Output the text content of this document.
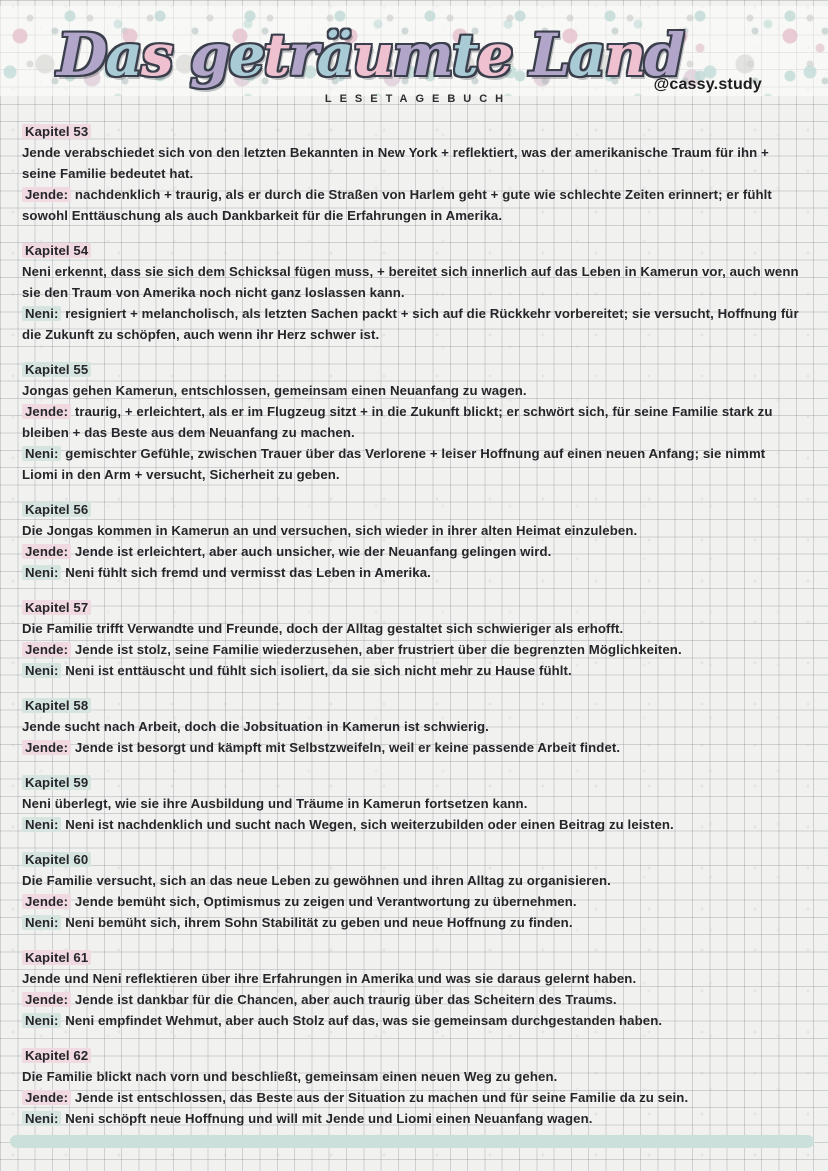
Das geträumte Land
@cassy.study
LESETAGEBUCH
Kapitel 53

Jende verabschiedet sich von den letzten Bekannten in New York + reflektiert, was der amerikanische Traum für ihn + seine Familie bedeutet hat.

Jende: nachdenklich + traurig, als er durch die Straßen von Harlem geht + gute wie schlechte Zeiten erinnert; er fühlt sowohl Enttäuschung als auch Dankbarkeit für die Erfahrungen in Amerika.

Kapitel 54

Neni erkennt, dass sie sich dem Schicksal fügen muss, + bereitet sich innerlich auf das Leben in Kamerun vor, auch wenn sie den Traum von Amerika noch nicht ganz loslassen kann.

Neni: resigniert + melancholisch, als letzten Sachen packt + sich auf die Rückkehr vorbereitet; sie versucht, Hoffnung für die Zukunft zu schöpfen, auch wenn ihr Herz schwer ist.

Kapitel 55

Jongas gehen Kamerun, entschlossen, gemeinsam einen Neuanfang zu wagen.

Jende: traurig, + erleichtert, als er im Flugzeug sitzt + in die Zukunft blickt; er schwört sich, für seine Familie stark zu bleiben + das Beste aus dem Neuanfang zu machen.

Neni: gemischter Gefühle, zwischen Trauer über das Verlorene + leiser Hoffnung auf einen neuen Anfang; sie nimmt Liomi in den Arm + versucht, Sicherheit zu geben.

Kapitel 56

Die Jongas kommen in Kamerun an und versuchen, sich wieder in ihrer alten Heimat einzuleben.

Jende: Jende ist erleichtert, aber auch unsicher, wie der Neuanfang gelingen wird.

Neni: Neni fühlt sich fremd und vermisst das Leben in Amerika.

Kapitel 57

Die Familie trifft Verwandte und Freunde, doch der Alltag gestaltet sich schwieriger als erhofft.

Jende: Jende ist stolz, seine Familie wiederzusehen, aber frustriert über die begrenzten Möglichkeiten.

Neni: Neni ist enttäuscht und fühlt sich isoliert, da sie sich nicht mehr zu Hause fühlt.

Kapitel 58

Jende sucht nach Arbeit, doch die Jobsituation in Kamerun ist schwierig.

Jende: Jende ist besorgt und kämpft mit Selbstzweifeln, weil er keine passende Arbeit findet.

Kapitel 59

Neni überlegt, wie sie ihre Ausbildung und Träume in Kamerun fortsetzen kann.

Neni: Neni ist nachdenklich und sucht nach Wegen, sich weiterzubilden oder einen Beitrag zu leisten.

Kapitel 60

Die Familie versucht, sich an das neue Leben zu gewöhnen und ihren Alltag zu organisieren.

Jende: Jende bemüht sich, Optimismus zu zeigen und Verantwortung zu übernehmen.

Neni: Neni bemüht sich, ihrem Sohn Stabilität zu geben und neue Hoffnung zu finden.

Kapitel 61

Jende und Neni reflektieren über ihre Erfahrungen in Amerika und was sie daraus gelernt haben.

Jende: Jende ist dankbar für die Chancen, aber auch traurig über das Scheitern des Traums.

Neni: Neni empfindet Wehmut, aber auch Stolz auf das, was sie gemeinsam durchgestanden haben.

Kapitel 62

Die Familie blickt nach vorn und beschließt, gemeinsam einen neuen Weg zu gehen.

Jende: Jende ist entschlossen, das Beste aus der Situation zu machen und für seine Familie da zu sein.

Neni: Neni schöpft neue Hoffnung und will mit Jende und Liomi einen Neuanfang wagen.
